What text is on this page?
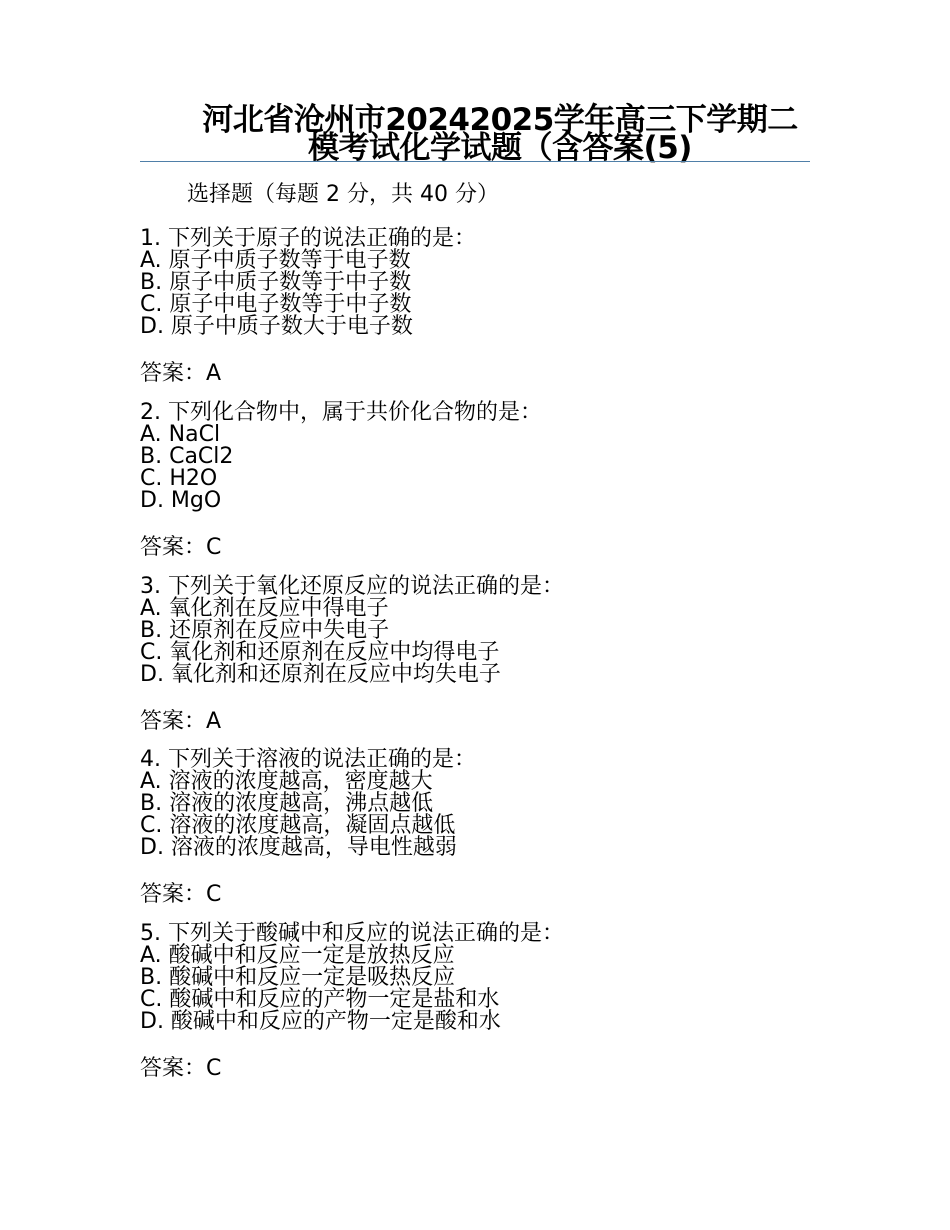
河北省沧州市20242025学年高三下学期二模考试化学试题（含答案(5)

选择题（每题 2 分，共 40 分）

1. 下列关于原子的说法正确的是：
A. 原子中质子数等于电子数
B. 原子中质子数等于中子数
C. 原子中电子数等于中子数
D. 原子中质子数大于电子数
答案：A
2. 下列化合物中，属于共价化合物的是：
A. NaCl
B. CaCl2
C. H2O
D. MgO
答案：C
3. 下列关于氧化还原反应的说法正确的是：
A. 氧化剂在反应中得电子
B. 还原剂在反应中失电子
C. 氧化剂和还原剂在反应中均得电子
D. 氧化剂和还原剂在反应中均失电子
答案：A
4. 下列关于溶液的说法正确的是：
A. 溶液的浓度越高，密度越大
B. 溶液的浓度越高，沸点越低
C. 溶液的浓度越高，凝固点越低
D. 溶液的浓度越高，导电性越弱
答案：C
5. 下列关于酸碱中和反应的说法正确的是：
A. 酸碱中和反应一定是放热反应
B. 酸碱中和反应一定是吸热反应
C. 酸碱中和反应的产物一定是盐和水
D. 酸碱中和反应的产物一定是酸和水
答案：C
